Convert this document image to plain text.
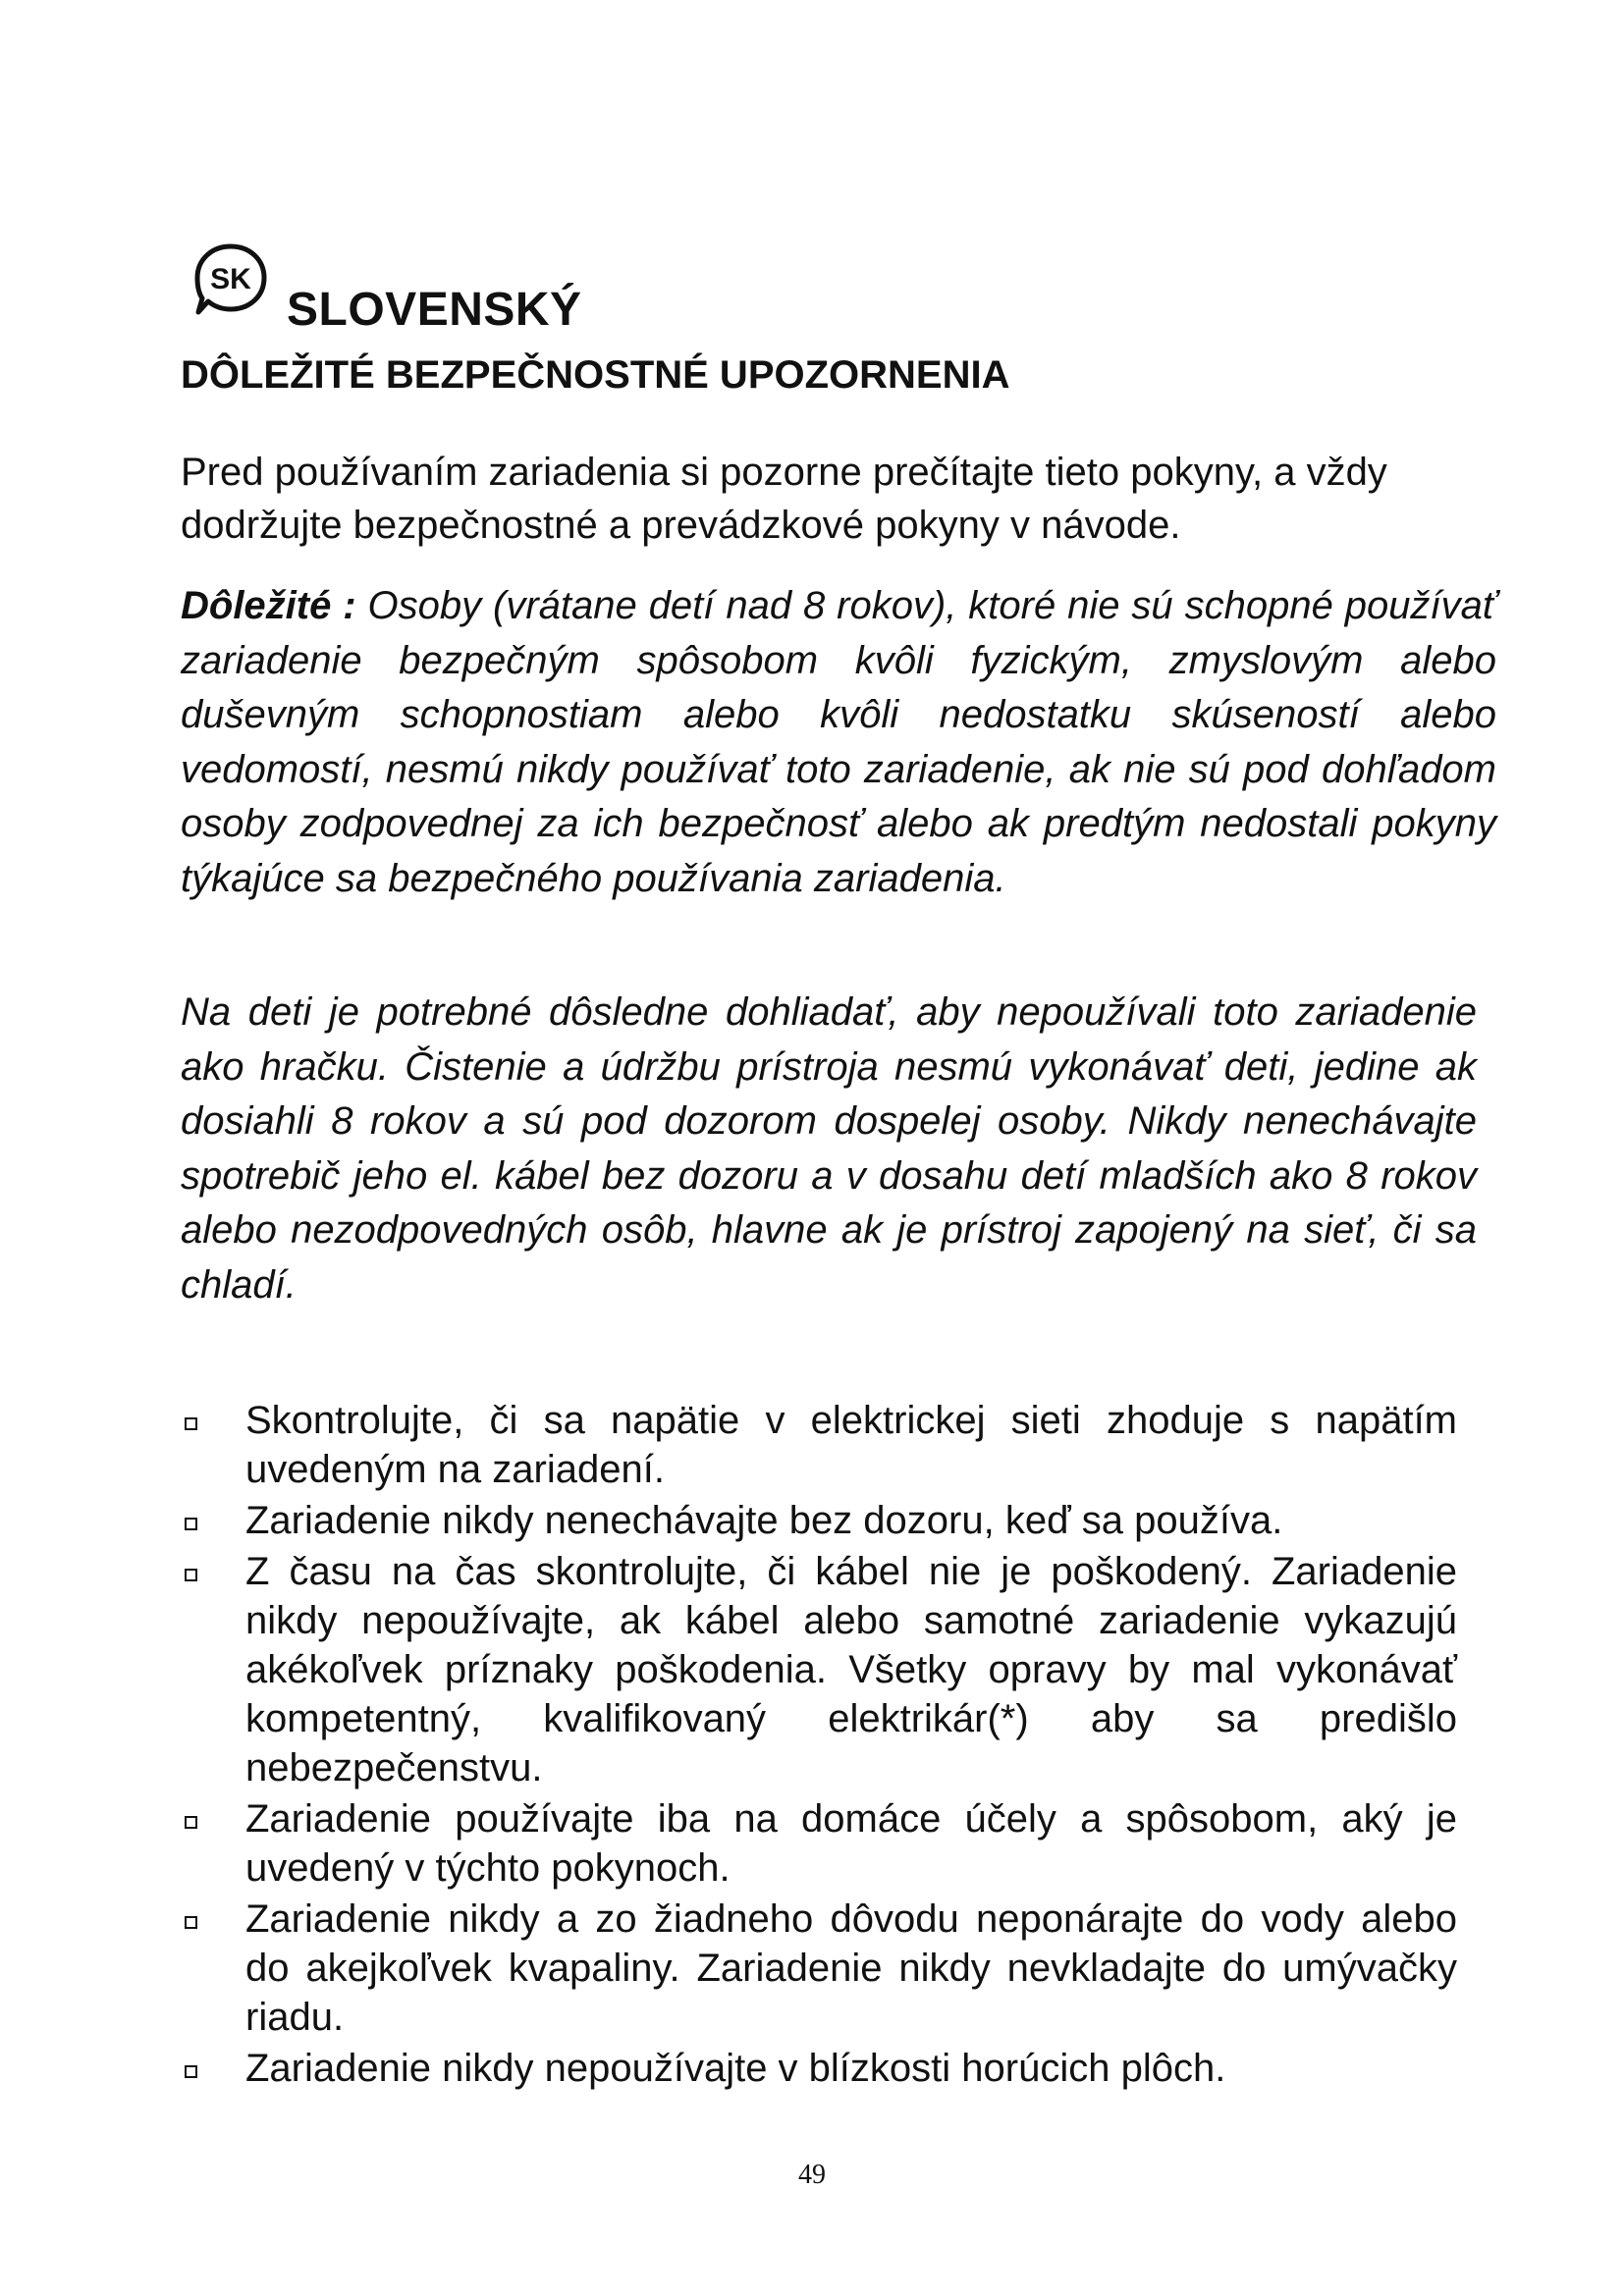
SK
SLOVENSKÝ
DÔLEŽITÉ BEZPEČNOSTNÉ UPOZORNENIA

Pred používaním zariadenia si pozorne prečítajte tieto pokyny, a vždy dodržujte bezpečnostné a prevádzkové pokyny v návode.

Dôležité : Osoby (vrátane detí nad 8 rokov), ktoré nie sú schopné používať zariadenie bezpečným spôsobom kvôli fyzickým, zmyslovým alebo duševným schopnostiam alebo kvôli nedostatku skúseností alebo vedomostí, nesmú nikdy používať toto zariadenie, ak nie sú pod dohľadom osoby zodpovednej za ich bezpečnosť alebo ak predtým nedostali pokyny týkajúce sa bezpečného používania zariadenia.

Na deti je potrebné dôsledne dohliadať, aby nepoužívali toto zariadenie ako hračku. Čistenie a údržbu prístroja nesmú vykonávať deti, jedine ak dosiahli 8 rokov a sú pod dozorom dospelej osoby. Nikdy nenechávajte spotrebič jeho el. kábel bez dozoru a v dosahu detí mladších ako 8 rokov alebo nezodpovedných osôb, hlavne ak je prístroj zapojený na sieť, či sa chladí.

Skontrolujte, či sa napätie v elektrickej sieti zhoduje s napätím uvedeným na zariadení.
Zariadenie nikdy nenechávajte bez dozoru, keď sa používa.
Z času na čas skontrolujte, či kábel nie je poškodený. Zariadenie nikdy nepoužívajte, ak kábel alebo samotné zariadenie vykazujú akékoľvek príznaky poškodenia. Všetky opravy by mal vykonávať kompetentný, kvalifikovaný elektrikár(*) aby sa predišlo nebezpečenstvu.
Zariadenie používajte iba na domáce účely a spôsobom, aký je uvedený v týchto pokynoch.
Zariadenie nikdy a zo žiadneho dôvodu neponárajte do vody alebo do akejkoľvek kvapaliny. Zariadenie nikdy nevkladajte do umývačky riadu.
Zariadenie nikdy nepoužívajte v blízkosti horúcich plôch.
49
